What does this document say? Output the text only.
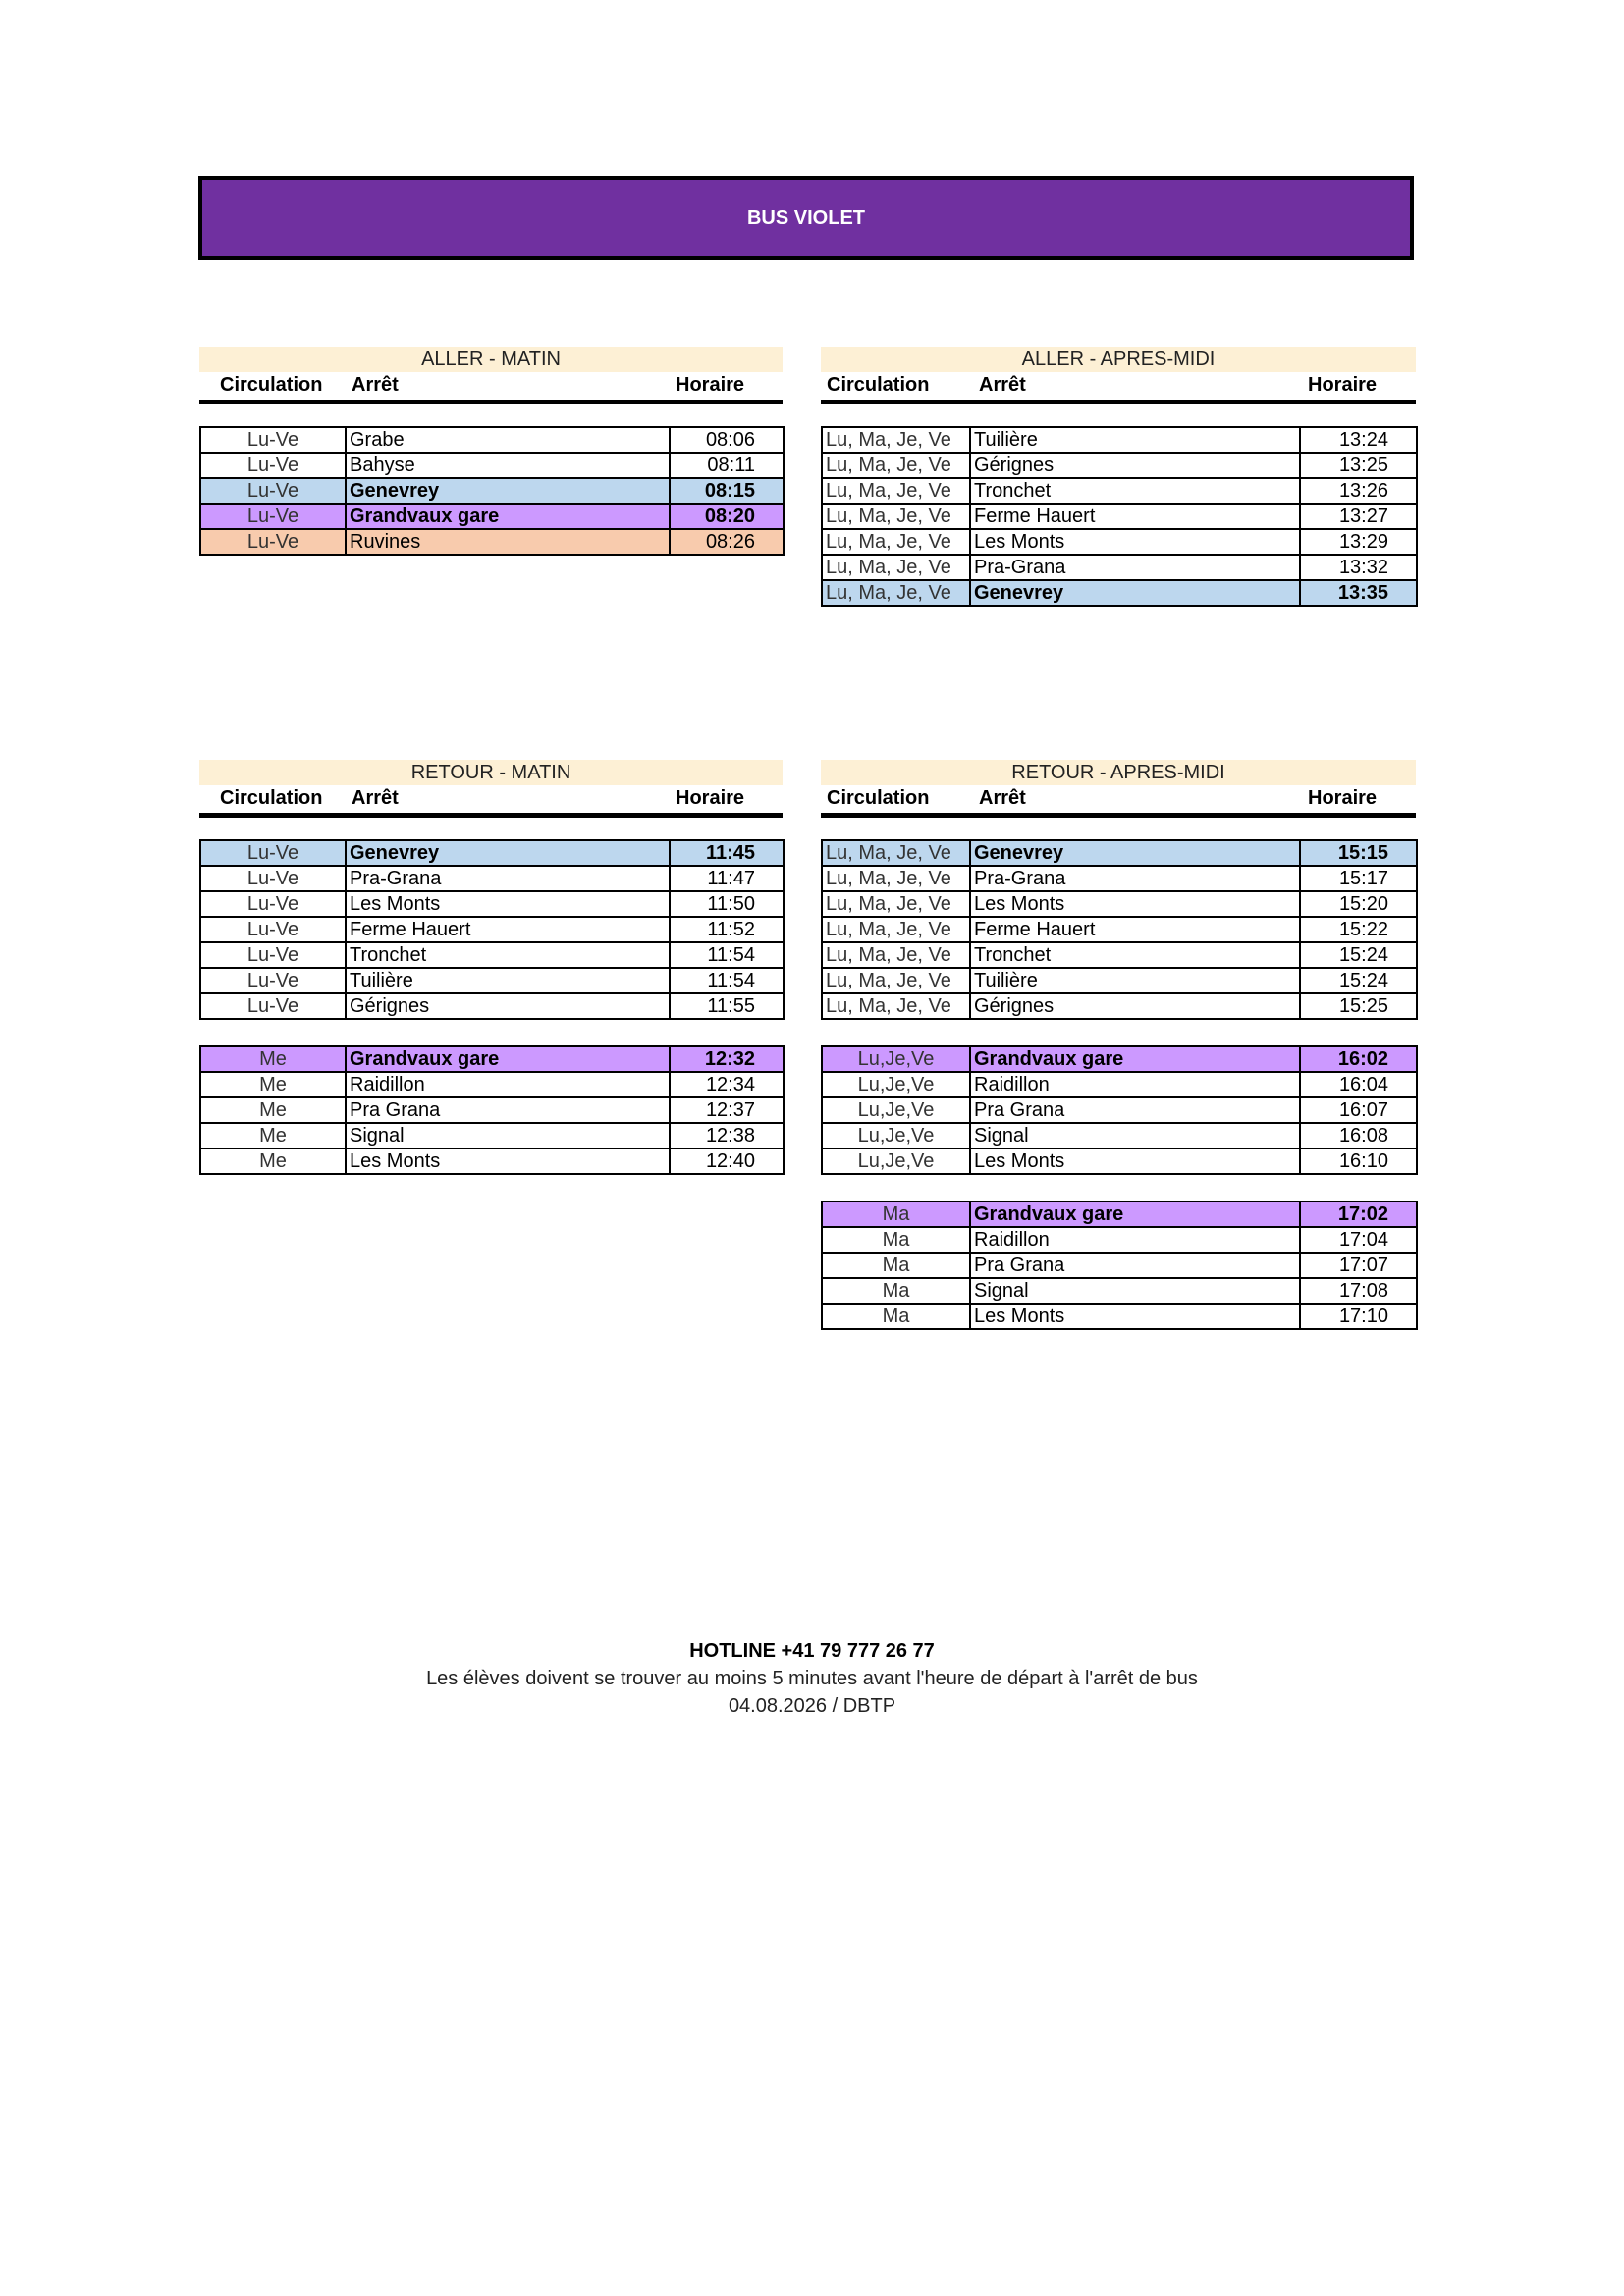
BUS VIOLET
ALLER - MATIN
Circulation Arrêt	Horaire
Lu-Ve	Grabe	08:06
Lu-Ve	Bahyse	08:11
Lu-Ve	Genevrey	08:15
Lu-Ve	Grandvaux gare	08:20
Lu-Ve	Ruvines	08:26
ALLER - APRES-MIDI
Circulation	Arrêt	Horaire
Lu, Ma, Je, Ve	Tuilière	13:24
Lu, Ma, Je, Ve	Gérignes	13:25
Lu, Ma, Je, Ve	Tronchet	13:26
Lu, Ma, Je, Ve	Ferme Hauert	13:27
Lu, Ma, Je, Ve	Les Monts	13:29
Lu, Ma, Je, Ve	Pra-Grana	13:32
Lu, Ma, Je, Ve	Genevrey	13:35
RETOUR - MATIN
Circulation Arrêt	Horaire
Lu-Ve	Genevrey	11:45
Lu-Ve	Pra-Grana	11:47
Lu-Ve	Les Monts	11:50
Lu-Ve	Ferme Hauert	11:52
Lu-Ve	Tronchet	11:54
Lu-Ve	Tuilière	11:54
Lu-Ve	Gérignes	11:55
Me	Grandvaux gare	12:32
Me	Raidillon	12:34
Me	Pra Grana	12:37
Me	Signal	12:38
Me	Les Monts	12:40
RETOUR - APRES-MIDI
Circulation	Arrêt	Horaire
Lu, Ma, Je, Ve	Genevrey	15:15
Lu, Ma, Je, Ve	Pra-Grana	15:17
Lu, Ma, Je, Ve	Les Monts	15:20
Lu, Ma, Je, Ve	Ferme Hauert	15:22
Lu, Ma, Je, Ve	Tronchet	15:24
Lu, Ma, Je, Ve	Tuilière	15:24
Lu, Ma, Je, Ve	Gérignes	15:25
Lu,Je,Ve	Grandvaux gare	16:02
Lu,Je,Ve	Raidillon	16:04
Lu,Je,Ve	Pra Grana	16:07
Lu,Je,Ve	Signal	16:08
Lu,Je,Ve	Les Monts	16:10
Ma	Grandvaux gare	17:02
Ma	Raidillon	17:04
Ma	Pra Grana	17:07
Ma	Signal	17:08
Ma	Les Monts	17:10
HOTLINE +41 79 777 26 77
Les élèves doivent se trouver au moins 5 minutes avant l'heure de départ à l'arrêt de bus
04.08.2026 / DBTP
